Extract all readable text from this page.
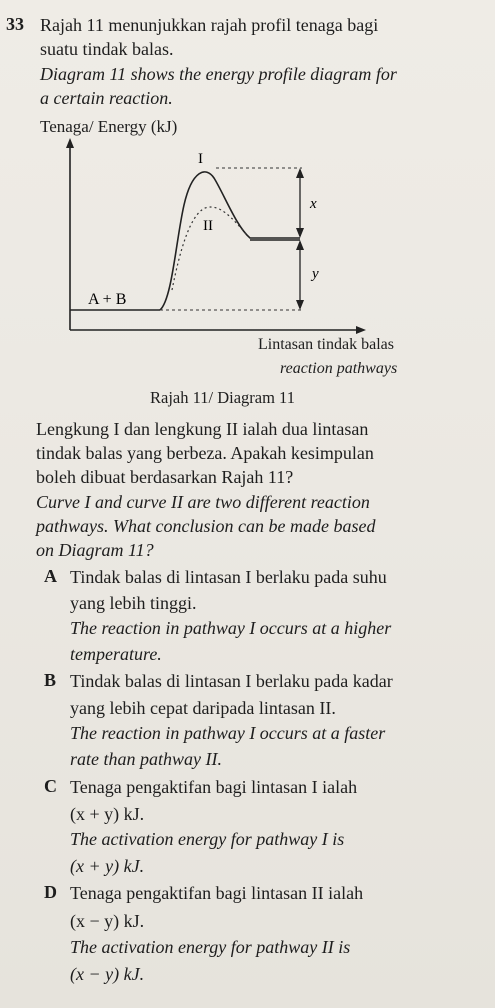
33 Rajah 11 menunjukkan rajah profil tenaga bagi
suatu tindak balas.
Diagram 11 shows the energy profile diagram for
a certain reaction.
Tenaga/ Energy (kJ)
I
II
A + B
x
y
Lintasan tindak balas
reaction pathways
Rajah 11/ Diagram 11
Lengkung I dan lengkung II ialah dua lintasan
tindak balas yang berbeza. Apakah kesimpulan
boleh dibuat berdasarkan Rajah 11?
Curve I and curve II are two different reaction
pathways. What conclusion can be made based
on Diagram 11?
A Tindak balas di lintasan I berlaku pada suhu
yang lebih tinggi.
The reaction in pathway I occurs at a higher
temperature.
B Tindak balas di lintasan I berlaku pada kadar
yang lebih cepat daripada lintasan II.
The reaction in pathway I occurs at a faster
rate than pathway II.
C Tenaga pengaktifan bagi lintasan I ialah
(x + y) kJ.
The activation energy for pathway I is
(x + y) kJ.
D Tenaga pengaktifan bagi lintasan II ialah
(x − y) kJ.
The activation energy for pathway II is
(x − y) kJ.
